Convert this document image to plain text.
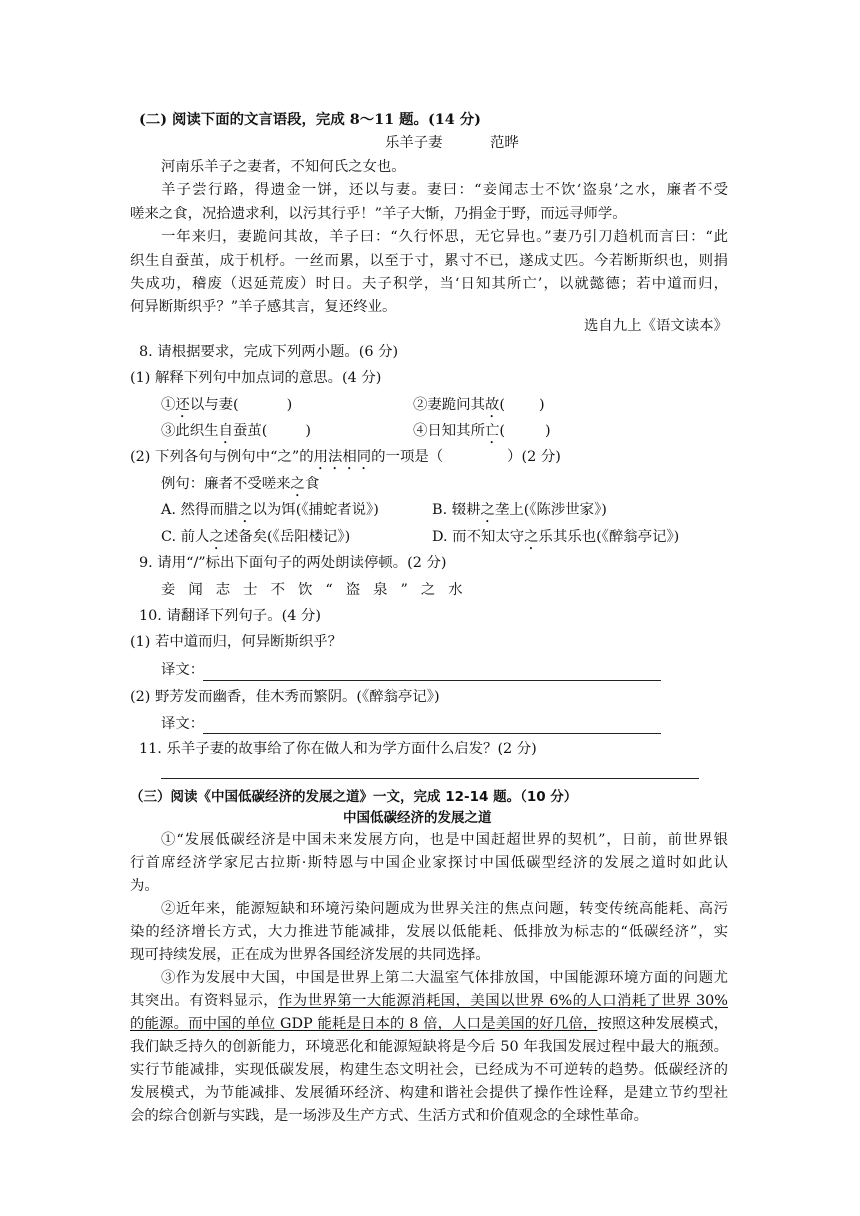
(二) 阅读下面的文言语段，完成 8～11 题。(14 分)
乐羊子妻	范晔
河南乐羊子之妻者，不知何氏之女也。
羊子尝行路，得遗金一饼，还以与妻。妻曰：“妾闻志士不饮‘盗泉’之水，廉者不受
嗟来之食，况拾遗求利，以污其行乎！”羊子大惭，乃捐金于野，而远寻师学。
一年来归，妻跪问其故，羊子曰：“久行怀思，无它异也。”妻乃引刀趋机而言曰：“此
织生自蚕茧，成于机杼。一丝而累，以至于寸，累寸不已，遂成丈匹。今若断斯织也，则捐
失成功，稽废（迟延荒废）时日。夫子积学，当‘日知其所亡’，以就懿德；若中道而归，
何异断斯织乎？”羊子感其言，复还终业。
选自九上《语文读本》
8. 请根据要求，完成下列两小题。(6 分)
(1) 解释下列句中加点词的意思。(4 分)
①还以与妻(	)	②妻跪问其故( )
③此织生自蚕茧(	)	④日知其所亡(	)
(2) 下列各句与例句中“之”的用法相同的一项是（	）(2 分)
例句：廉者不受嗟来之食
A. 然得而腊之以为饵(《捕蛇者说》)	B. 辍耕之垄上(《陈涉世家》)
C. 前人之述备矣(《岳阳楼记》)	D. 而不知太守之乐其乐也(《醉翁亭记》)
9. 请用“/”标出下面句子的两处朗读停顿。(2 分)
妾闻志士不饮“盗泉”之水
10. 请翻译下列句子。(4 分)
(1) 若中道而归，何异断斯织乎？
译文：
(2) 野芳发而幽香，佳木秀而繁阴。(《醉翁亭记》)
译文：
11. 乐羊子妻的故事给了你在做人和为学方面什么启发？(2 分)
（三）阅读《中国低碳经济的发展之道》一文，完成 12-14 题。（10 分）
中国低碳经济的发展之道
①“发展低碳经济是中国未来发展方向，也是中国赶超世界的契机”，日前，前世界银
行首席经济学家尼古拉斯·斯特恩与中国企业家探讨中国低碳型经济的发展之道时如此认
为。
②近年来，能源短缺和环境污染问题成为世界关注的焦点问题，转变传统高能耗、高污
染的经济增长方式，大力推进节能减排，发展以低能耗、低排放为标志的“低碳经济”，实
现可持续发展，正在成为世界各国经济发展的共同选择。
③作为发展中大国，中国是世界上第二大温室气体排放国，中国能源环境方面的问题尤
其突出。有资料显示，作为世界第一大能源消耗国，美国以世界 6%的人口消耗了世界 30%
的能源。而中国的单位 GDP 能耗是日本的 8 倍，人口是美国的好几倍，按照这种发展模式，
我们缺乏持久的创新能力，环境恶化和能源短缺将是今后 50 年我国发展过程中最大的瓶颈。
实行节能减排，实现低碳发展，构建生态文明社会，已经成为不可逆转的趋势。低碳经济的
发展模式，为节能减排、发展循环经济、构建和谐社会提供了操作性诠释，是建立节约型社
会的综合创新与实践，是一场涉及生产方式、生活方式和价值观念的全球性革命。
